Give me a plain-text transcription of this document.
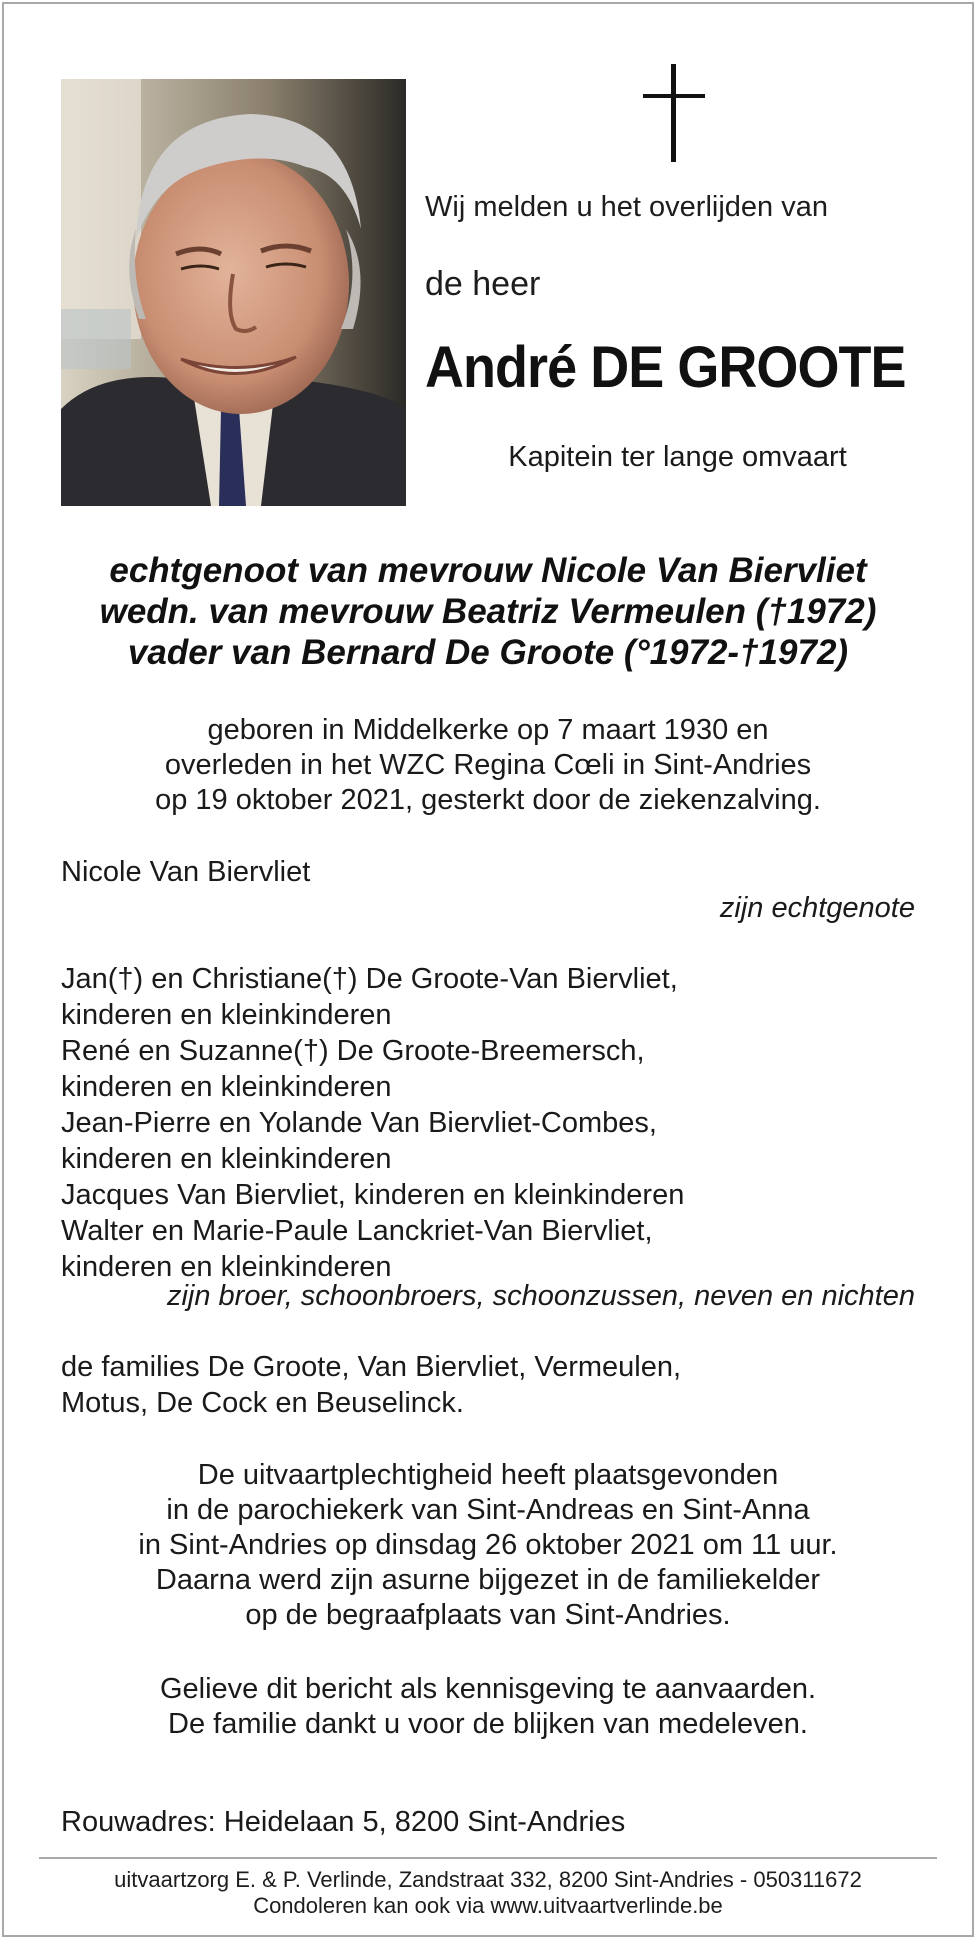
Wij melden u het overlijden van
de heer
André DE GROOTE
Kapitein ter lange omvaart
echtgenoot van mevrouw Nicole Van Biervliet
wedn. van mevrouw Beatriz Vermeulen (†1972)
vader van Bernard De Groote (°1972-†1972)
geboren in Middelkerke op 7 maart 1930 en
overleden in het WZC Regina Cœli in Sint-Andries
op 19 oktober 2021, gesterkt door de ziekenzalving.
Nicole Van Biervliet
zijn echtgenote
Jan(†) en Christiane(†) De Groote-Van Biervliet,
kinderen en kleinkinderen
René en Suzanne(†) De Groote-Breemersch,
kinderen en kleinkinderen
Jean-Pierre en Yolande Van Biervliet-Combes,
kinderen en kleinkinderen
Jacques Van Biervliet, kinderen en kleinkinderen
Walter en Marie-Paule Lanckriet-Van Biervliet,
kinderen en kleinkinderen
zijn broer, schoonbroers, schoonzussen, neven en nichten
de families De Groote, Van Biervliet, Vermeulen,
Motus, De Cock en Beuselinck.
De uitvaartplechtigheid heeft plaatsgevonden
in de parochiekerk van Sint-Andreas en Sint-Anna
in Sint-Andries op dinsdag 26 oktober 2021 om 11 uur.
Daarna werd zijn asurne bijgezet in de familiekelder
op de begraafplaats van Sint-Andries.
Gelieve dit bericht als kennisgeving te aanvaarden.
De familie dankt u voor de blijken van medeleven.
Rouwadres: Heidelaan 5, 8200 Sint-Andries
uitvaartzorg E. & P. Verlinde, Zandstraat 332, 8200 Sint-Andries - 050311672
Condoleren kan ook via www.uitvaartverlinde.be
